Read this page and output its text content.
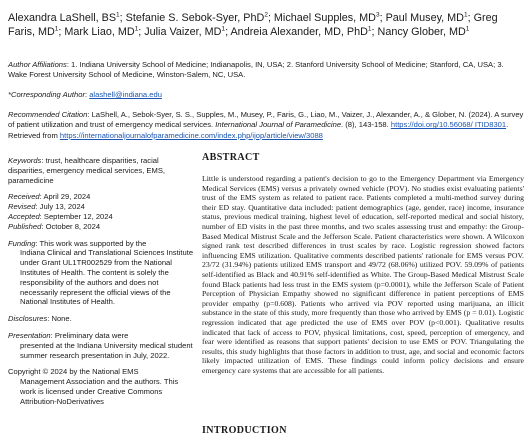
Alexandra LaShell, $BS^1$; Stefanie S. Sebok-Syer, PhD$^2$; Michael Supples, $MD^3$; Paul Musey, $MD^1$; Greg Faris, $MD^1$; Mark Liao, $MD^1$; Julia Vaizer, $MD^1$; Andreia Alexander, MD, PhD$^1$; Nancy Glober, $MD^1$

Author Affiliations: 1. Indiana University School of Medicine; Indianapolis, IN, USA; 2. Stanford University School of Medicine; Stanford, CA, USA; 3. Wake Forest University School of Medicine, Winston-Salem, NC, USA.

*Corresponding Author: alashell@indiana.edu

Recommended Citation: LaShell, A., Sebok-Syer, S. S., Supples, M., Musey, P., Faris, G., Liao, M., Vaizer, J., Alexander, A., & Glober, N. (2024). A survey of patient utilization and trust of emergency medical services. International Journal of Paramedicine. (8), 143-158. https://doi.org/10.56068/ ITID8301. Retrieved from https://internationaljournalofparamedicine.com/index.php/ijop/article/view/3088

Keywords: trust, healthcare disparities, racial disparities, emergency medical services, EMS, paramedicine

Received: April 29, 2024

Revised: July 13, 2024

Accepted: September 12, 2024

Published: October 8, 2024

Funding: This work was supported by the
Indiana Clinical and Translational Sciences Institute under Grant UL1TR002529 from the National Institutes of Health. The content is solely the responsibility of the authors and does not necessarily represent the official views of the National Institutes of Health.

Disclosures: None.

Presentation: Preliminary data were
presented at the Indiana University medical student summer research presentation in July, 2022.

Copyright © 2024 by the National EMS
Management Association and the authors. This work is licensed under Creative Commons Attribution-NoDerivatives

ABSTRACT

Little is understood regarding a patient's decision to go to the Emergency Department via Emergency Medical Services (EMS) versus a privately owned vehicle (POV). No studies exist evaluating patients' trust of the EMS system as related to patient race. Patients completed a multi-method survey during their ED stay. Quantitative data included: patient demographics (age, gender, race) income, insurance status, previous medical training, highest level of education, self-reported medical and social history, number of ED visits in the past three months, and two scales assessing trust and empathy: the Group-Based Medical Mistrust Scale and the Jefferson Scale. Patient characteristics were shown. A Wilcoxon signed rank test described differences in trust scales by race. Logistic regression showed factors influencing EMS utilization. Qualitative comments described patients' rationale for EMS versus POV. 23/72 (31.94%) patients utilized EMS transport and 49/72 (68.06%) utilized POV. 59.09% of patients self-identified as Black and 40.91% self-identified as White. The Group-Based Medical Mistrust Scale found Black patients had less trust in the EMS system (p=0.0001), while the Jefferson Scale of Patient Perception of Physician Empathy showed no significant difference in patient perceptions of EMS provider empathy (p=0.608). Patients who arrived via POV reported using marijuana, an illicit substance in the state of this study, more frequently than those who arrived by EMS (p = 0.01). Logistic regression indicated that age predicted the use of EMS over POV (p<0.001). Qualitative results indicated that lack of access to POV, physical limitations, cost, speed, perception of emergency, and fear were identified as reasons that support patients' decision to use EMS or POV. Triangulating the results, this study highlights that those factors in addition to trust, age, and social and economic factors likely impacted utilization of EMS. These findings could inform policy decisions and ensure emergency care systems that are accessible for all patients.

INTRODUCTION
